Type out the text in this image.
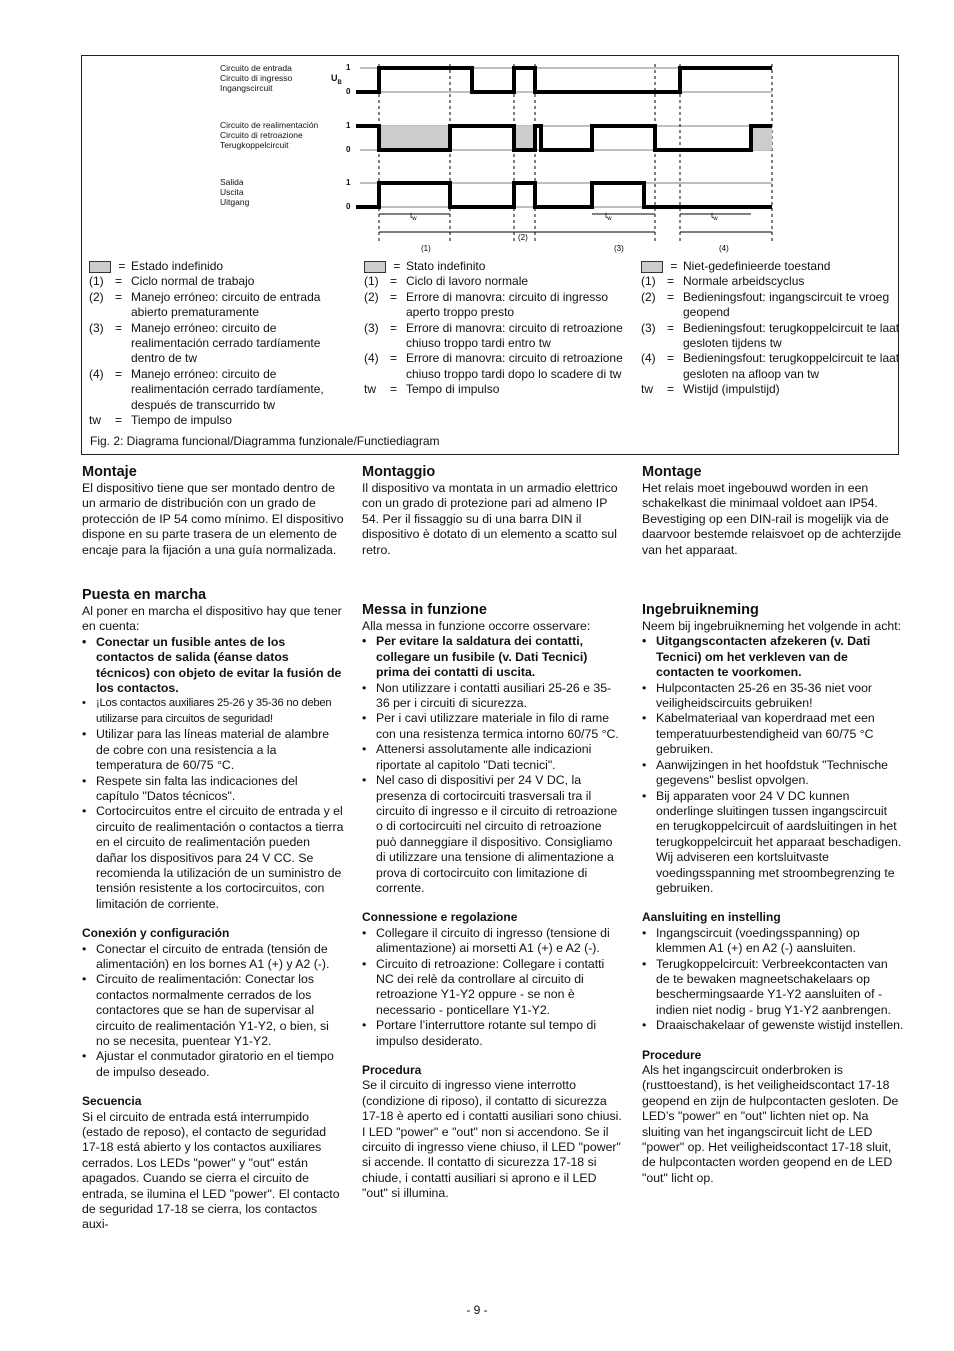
Circuito de entrada
Circuito di ingresso
Ingangscircuit
Circuito de realimentación
Circuito di retroazione
Terugkoppelcircuit
Salida
Uscita
Uitgang
$U_B$
1
0
1
0
1
0
$t_w$	$t_w$	$t_w$
(1)
(2)
(3)	(4)
= Estado indefinido
(1) = Ciclo normal de trabajo
(2) = Manejo erróneo: circuito de entrada abierto prematuramente
(3) = Manejo erróneo: circuito de realimentación cerrado tardíamente dentro de tw
(4) = Manejo erróneo: circuito de realimentación cerrado tardíamente, después de transcurrido tw
tw	= Tiempo de impulso
= Stato indefinito
(1) = Ciclo di lavoro normale
(2) = Errore di manovra: circuito di ingresso aperto troppo presto
(3) = Errore di manovra: circuito di retroazione chiuso troppo tardi entro tw
(4) = Errore di manovra: circuito di retroazione chiuso troppo tardi dopo lo scadere di tw
tw	= Tempo di impulso
= Niet-gedefinieerde toestand
(1) = Normale arbeidscyclus
(2) = Bedieningsfout: ingangscircuit te vroeg geopend
(3) = Bedieningsfout: terugkoppelcircuit te laat gesloten tijdens tw
(4) = Bedieningsfout: terugkoppelcircuit te laat gesloten na afloop van tw
tw	= Wistijd (impulstijd)
Fig. 2: Diagrama funcional/Diagramma funzionale/Functiediagram
Montaje

El dispositivo tiene que ser montado dentro de un armario de distribución con un grado de protección de IP 54 como mínimo. El dispositivo dispone en su parte trasera de un elemento de encaje para la fijación a una guía normalizada.

Puesta en marcha

Al poner en marcha el dispositivo hay que tener en cuenta:

• Conectar un fusible antes de los contactos de salida (éanse datos técnicos) con objeto de evitar la fusión de los contactos.
• ¡Los contactos auxiliares 25-26 y 35-36 no deben utilizarse para circuitos de seguridad!
• Utilizar para las líneas material de alambre de cobre con una resistencia a la temperatura de 60/75 °C.
• Respete sin falta las indicaciones del capítulo "Datos técnicos".
• Cortocircuitos entre el circuito de entrada y el circuito de realimentación o contactos a tierra en el circuito de realimentación pueden dañar los dispositivos para 24 V CC. Se recomienda la utilización de un suministro de tensión resistente a los cortocircuitos, con limitación de corriente.
Conexión y configuración
• Conectar el circuito de entrada (tensión de alimentación) en los bornes A1 (+) y A2 (-).
• Circuito de realimentación: Conectar los contactos normalmente cerrados de los contactores que se han de supervisar al circuito de realimentación Y1-Y2, o bien, si no se necesita, puentear Y1-Y2.
• Ajustar el conmutador giratorio en el tiempo de impulso deseado.
Secuencia

Si el circuito de entrada está interrumpido (estado de reposo), el contacto de seguridad 17-18 está abierto y los contactos auxiliares cerrados. Los LEDs "power" y "out" están apagados. Cuando se cierra el circuito de entrada, se ilumina el LED "power". El contacto de seguridad 17-18 se cierra, los contactos auxi-

Montaggio

Il dispositivo va montata in un armadio elettrico con un grado di protezione pari ad almeno IP 54. Per il fissaggio su di una barra DIN il dispositivo è dotato di un elemento a scatto sul retro.

Messa in funzione

Alla messa in funzione occorre osservare:

• Per evitare la saldatura dei contatti, collegare un fusibile (v. Dati Tecnici) prima dei contatti di uscita.
• Non utilizzare i contatti ausiliari 25-26 e 35-36 per i circuiti di sicurezza.
• Per i cavi utilizzare materiale in filo di rame con una resistenza termica intorno 60/75 °C.
• Attenersi assolutamente alle indicazioni riportate al capitolo "Dati tecnici".
• Nel caso di dispositivi per 24 V DC, la presenza di cortocircuiti trasversali tra il circuito di ingresso e il circuito di retroazione o di cortocircuiti nel circuito di retroazione può danneggiare il dispositivo. Consigliamo di utilizzare una tensione di alimentazione a prova di cortocircuito con limitazione di corrente.
Connessione e regolazione
• Collegare il circuito di ingresso (tensione di alimentazione) ai morsetti A1 (+) e A2 (-).
• Circuito di retroazione: Collegare i contatti NC dei relè da controllare al circuito di retroazione Y1-Y2 oppure - se non è necessario - ponticellare Y1-Y2.
• Portare l’interruttore rotante sul tempo di impulso desiderato.
Procedura

Se il circuito di ingresso viene interrotto (condizione di riposo), il contatto di sicurezza 17-18 è aperto ed i contatti ausiliari sono chiusi. I LED "power" e "out" non si accendono. Se il circuito di ingresso viene chiuso, il LED "power" si accende. Il contatto di sicurezza 17-18 si chiude, i contatti ausiliari si aprono e il LED "out" si illumina.

Montage

Het relais moet ingebouwd worden in een schakelkast die minimaal voldoet aan IP54. Bevestiging op een DIN-rail is mogelijk via de daarvoor bestemde relaisvoet op de achterzijde van het apparaat.

Ingebruikneming

Neem bij ingebruikneming het volgende in acht:

• Uitgangscontacten afzekeren (v. Dati Tecnici) om het verkleven van de contacten te voorkomen.
• Hulpcontacten 25-26 en 35-36 niet voor veiligheidscircuits gebruiken!
• Kabelmateriaal van koperdraad met een temperatuurbestendigheid van 60/75 °C gebruiken.
• Aanwijzingen in het hoofdstuk "Technische gegevens" beslist opvolgen.
• Bij apparaten voor 24 V DC kunnen onderlinge sluitingen tussen ingangscircuit en terugkoppelcircuit of aardsluitingen in het terugkoppelcircuit het apparaat beschadigen. Wij adviseren een kortsluitvaste voedingsspanning met stroombegrenzing te gebruiken.
Aansluiting en instelling
• Ingangscircuit (voedingsspanning) op klemmen A1 (+) en A2 (-) aansluiten.
• Terugkoppelcircuit: Verbreekcontacten van de te bewaken magneetschakelaars op beschermingsaarde Y1-Y2 aansluiten of - indien niet nodig - brug Y1-Y2 aanbrengen.
• Draaischakelaar of gewenste wistijd instellen.
Procedure

Als het ingangscircuit onderbroken is (rusttoestand), is het veiligheidscontact 17-18 geopend en zijn de hulpcontacten gesloten. De LED’s "power" en "out" lichten niet op. Na sluiting van het ingangscircuit licht de LED "power" op. Het veiligheidscontact 17-18 sluit, de hulpcontacten worden geopend en de LED "out" licht op.

- 9 -
